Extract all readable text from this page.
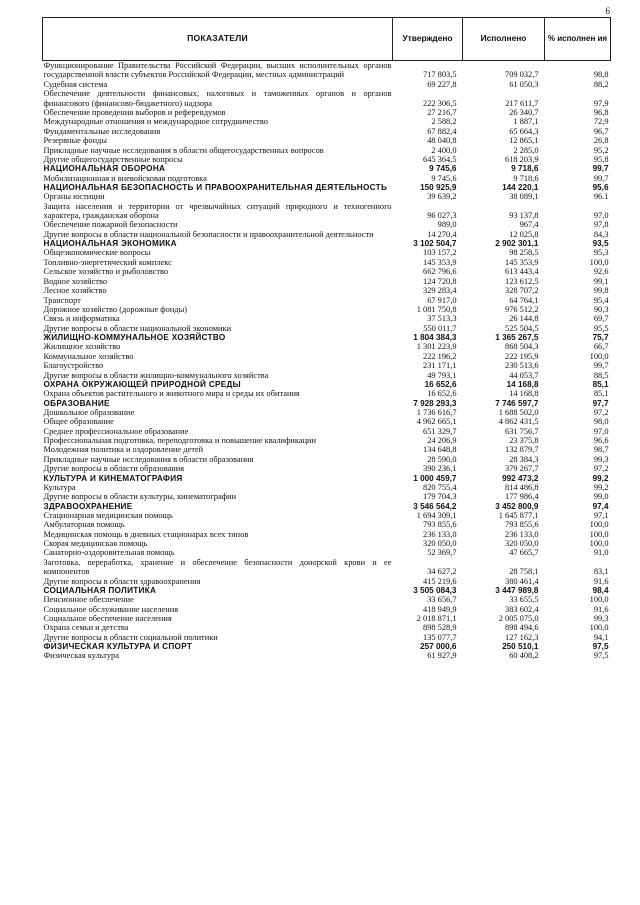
6
ПОКАЗАТЕЛИ	Утверждено	Исполнено	% исполнен ия
Функционирование Правительства Российской Федерации, высших исполнительных органов государственной власти субъектов Российской Федерации, местных администраций	717 803,5	709 032,7	98,8
Судебная система	69 227,8	61 050,3	88,2
Обеспечение деятельности финансовых, налоговых и таможенных органов и органов финансового (финансово-бюджетного) надзора	222 306,5	217 611,7	97,9
Обеспечение проведения выборов и референдумов	27 216,7	26 340,7	96,8
Международные отношения и международное сотрудничество	2 588,2	1 887,1	72,9
Фундаментальные исследования	67 882,4	65 664,3	96,7
Резервные фонды	48 040,8	12 865,1	26,8
Прикладные научные исследования в области общегосударственных вопросов	2 400,0	2 285,0	95,2
Другие общегосударственные вопросы	645 364,5	618 203,9	95,8
НАЦИОНАЛЬНАЯ ОБОРОНА	9 745,6	9 718,6	99,7
Мобилизационная и вневойсковая подготовка	9 745,6	9 718,6	99,7
НАЦИОНАЛЬНАЯ БЕЗОПАСНОСТЬ И ПРАВООХРАНИТЕЛЬНАЯ ДЕЯТЕЛЬНОСТЬ	150 925,9	144 220,1	95,6
Органы юстиции	39 639,2	38 089,1	96.1
Защита населения и территории от чрезвычайных ситуаций природного и техногенного характера, гражданская оборона	96 027,3	93 137,8	97,0
Обеспечение пожарной безопасности	989,0	967,4	97,8
Другие вопросы в области национальной безопасности и правоохранительной деятельности	14 270,4	12 025,8	84,3
НАЦИОНАЛЬНАЯ ЭКОНОМИКА	3 102 504,7	2 902 301,1	93,5
Общеэкономические вопросы	103 157,2	98 258,5	95,3
Топливно-энергетический комплекс	145 353,9	145 353,9	100,0
Сельское хозяйство и рыболовство	662 796,6	613 443,4	92,6
Водное хозяйство	124 720,8	123 612,5	99,1
Лесное хозяйство	329 283,4	328 707,2	99,8
Транспорт	67 917,0	64 764,1	95,4
Дорожное хозяйство (дорожные фонды)	1 081 750,8	976 512,2	90,3
Связь и информатика	37 513,3	26 144,8	69,7
Другие вопросы в области национальной экономики	550 011,7	525 504,5	95,5
ЖИЛИЩНО-КОММУНАЛЬНОЕ ХОЗЯЙСТВО	1 804 384,3	1 365 267,5	75,7
Жилищное хозяйство	1 301 223,9	868 504,3	66,7
Коммунальное хозяйство	222 196,2	222 195,9	100,0
Благоустройство	231 171,1	230 513,6	99,7
Другие вопросы в области жилищно-коммунального хозяйства	49 793,1	44 053,7	88,5
ОХРАНА ОКРУЖАЮЩЕЙ ПРИРОДНОЙ СРЕДЫ	16 652,6	14 168,8	85,1
Охрана объектов растительного и животного мира и среды их обитания	16 652,6	14 168,8	85,1
ОБРАЗОВАНИЕ	7 928 293,3	7 746 597,7	97,7
Дошкольное образование	1 736 616,7	1 688 502,0	97,2
Общее образование	4 962 665,1	4 862 431,5	98,0
Среднее профессиональное образование	651 329,7	631 756,7	97,0
Профессиональная подготовка, переподготовка и повышение квалификации	24 206,9	23 375,8	96,6
Молодежная политика и оздоровление детей	134 648,8	132 879,7	98,7
Прикладные научные исследования в области образования	28 590,0	28 384,3	99,3
Другие вопросы в области образования	390 236,1	379 267,7	97,2
КУЛЬТУРА И КИНЕМАТОГРАФИЯ	1 000 459,7	992 473,2	99,2
Культура	820 755,4	814 486,8	99,2
Другие вопросы в области культуры, кинематографии	179 704,3	177 986,4	99,0
ЗДРАВООХРАНЕНИЕ	3 546 564,2	3 452 800,9	97,4
Стационарная медицинская помощь	1 694 309,1	1 645 877,1	97,1
Амбулаторная помощь	793 855,6	793 855,6	100,0
Медицинская помощь в дневных стационарах всех типов	236 133,0	236 133,0	100,0
Скорая медицинская помощь	320 050,0	320 050,0	100,0
Санаторно-оздоровительная помощь	52 369,7	47 665,7	91,0
Заготовка, переработка, хранение и обеспечение безопасности донорской крови и ее компонентов	34 627,2	28 758,1	83,1
Другие вопросы в области здравоохранения	415 219,6	380 461,4	91,6
СОЦИАЛЬНАЯ ПОЛИТИКА	3 505 084,3	3 447 989,8	98,4
Пенсионное обеспечение	33 656,7	33 655,5	100,0
Социальное обслуживание населения	418 949,9	383 602,4	91,6
Социальное обеспечение населения	2 018 871,1	2 005 075,0	99,3
Охрана семьи и детства	898 528,9	898 494,6	100,0
Другие вопросы в области социальной политики	135 077,7	127 162,3	94,1
ФИЗИЧЕСКАЯ КУЛЬТУРА И СПОРТ	257 000,6	250 510,1	97,5
Физическая культура	61 927,9	60 408,2	97,5
